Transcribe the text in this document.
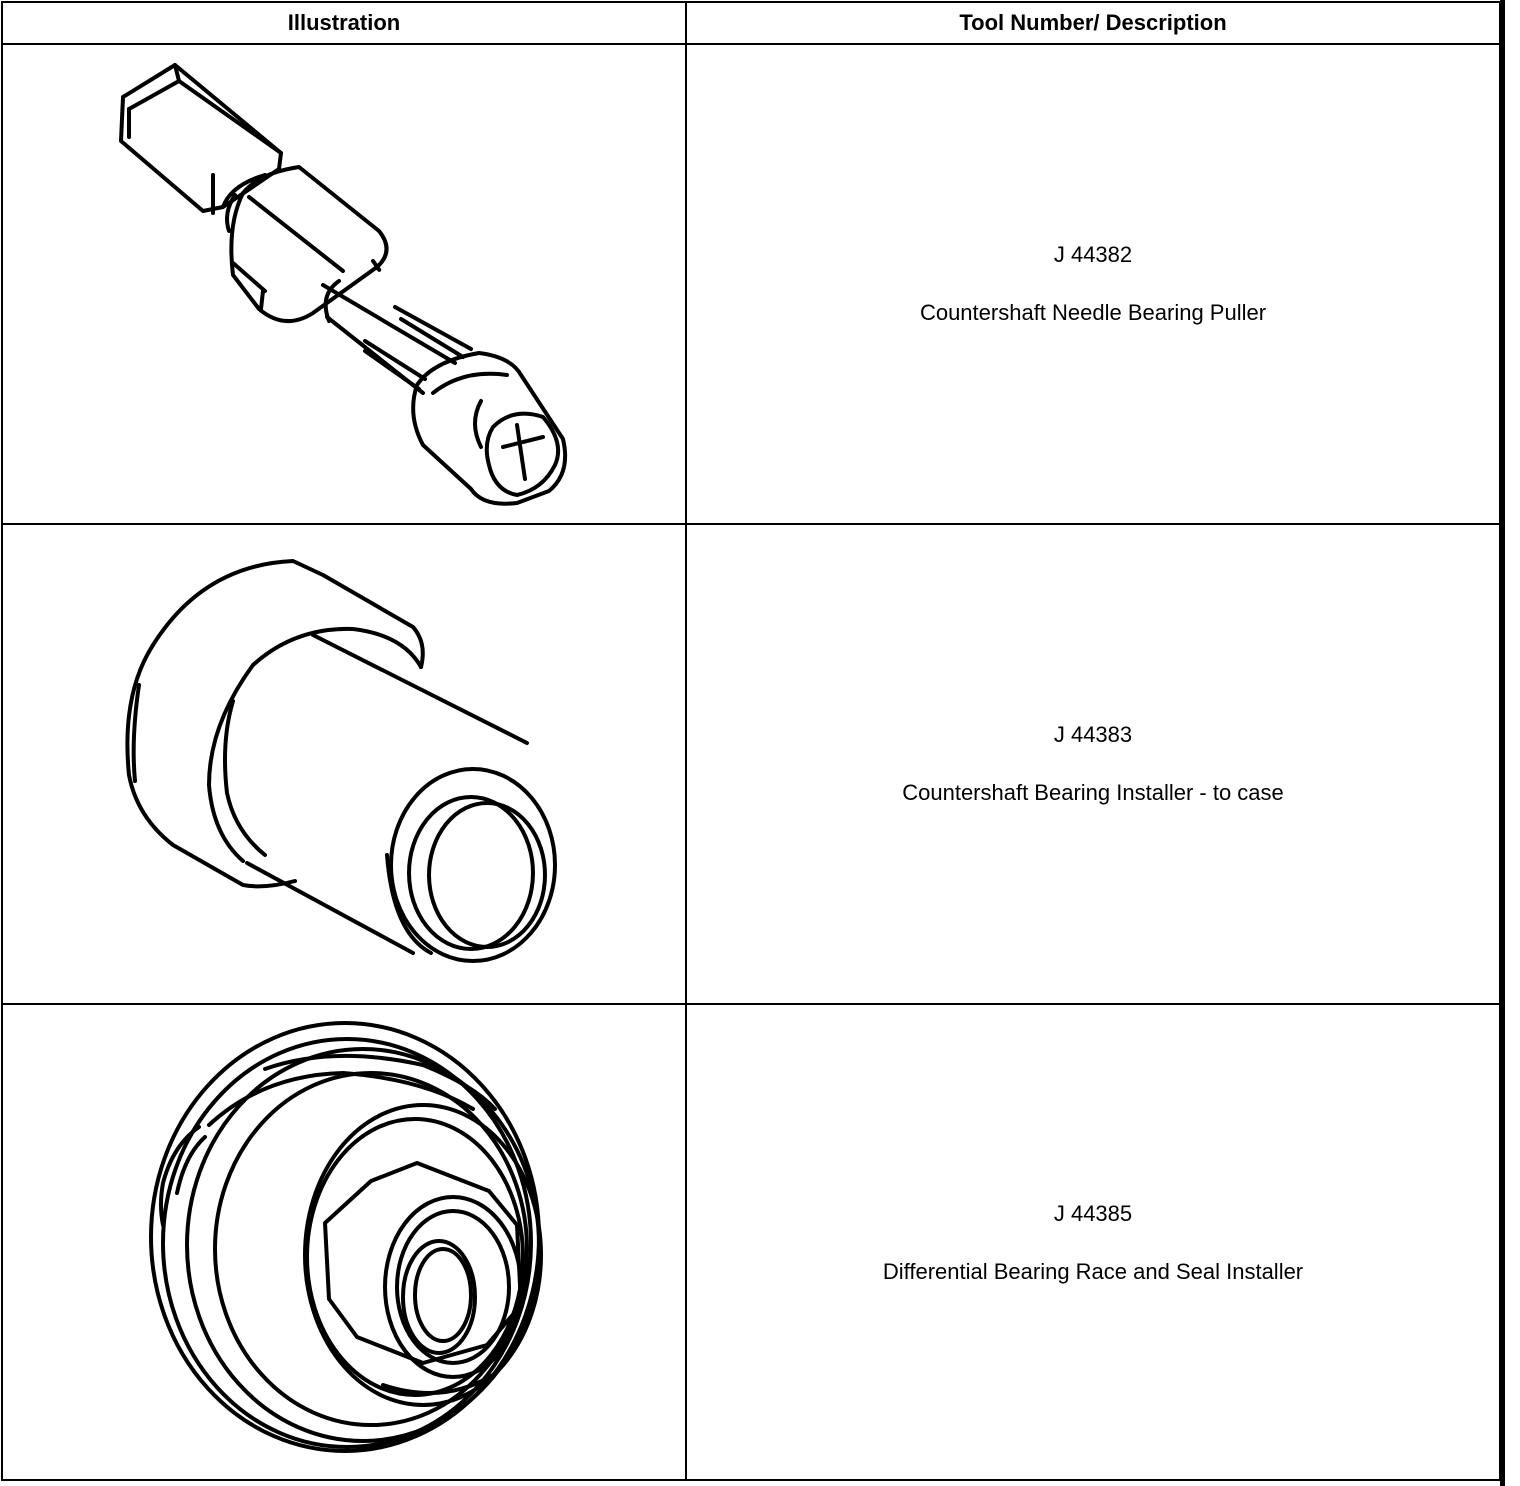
Illustration	Tool Number/ Description
J 44382
Countershaft Needle Bearing Puller
J 44383
Countershaft Bearing Installer - to case
J 44385
Differential Bearing Race and Seal Installer
